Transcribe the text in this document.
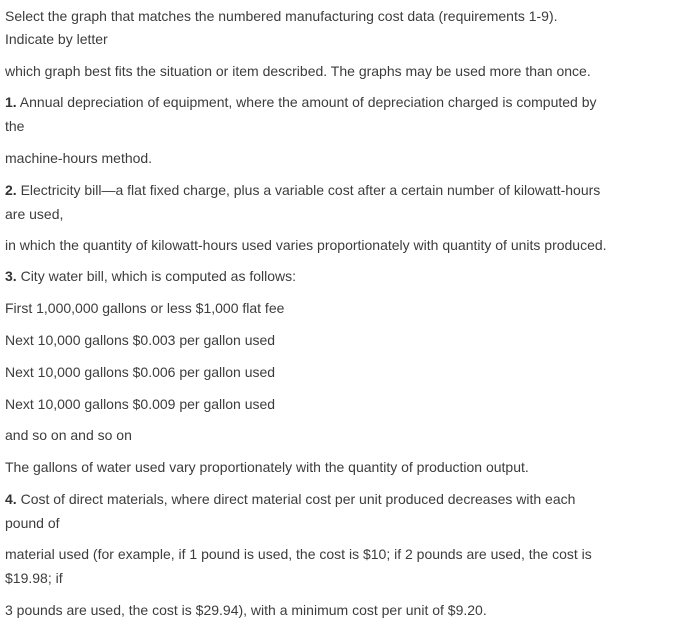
Select the graph that matches the numbered manufacturing cost data (requirements 1-9).
Indicate by letter
which graph best fits the situation or item described. The graphs may be used more than once.
1. Annual depreciation of equipment, where the amount of depreciation charged is computed by
the
machine-hours method.
2. Electricity bill—a flat fixed charge, plus a variable cost after a certain number of kilowatt-hours
are used,
in which the quantity of kilowatt-hours used varies proportionately with quantity of units produced.
3. City water bill, which is computed as follows:
First 1,000,000 gallons or less $1,000 flat fee
Next 10,000 gallons $0.003 per gallon used
Next 10,000 gallons $0.006 per gallon used
Next 10,000 gallons $0.009 per gallon used
and so on and so on
The gallons of water used vary proportionately with the quantity of production output.
4. Cost of direct materials, where direct material cost per unit produced decreases with each
pound of
material used (for example, if 1 pound is used, the cost is $10; if 2 pounds are used, the cost is
$19.98; if
3 pounds are used, the cost is $29.94), with a minimum cost per unit of $9.20.
